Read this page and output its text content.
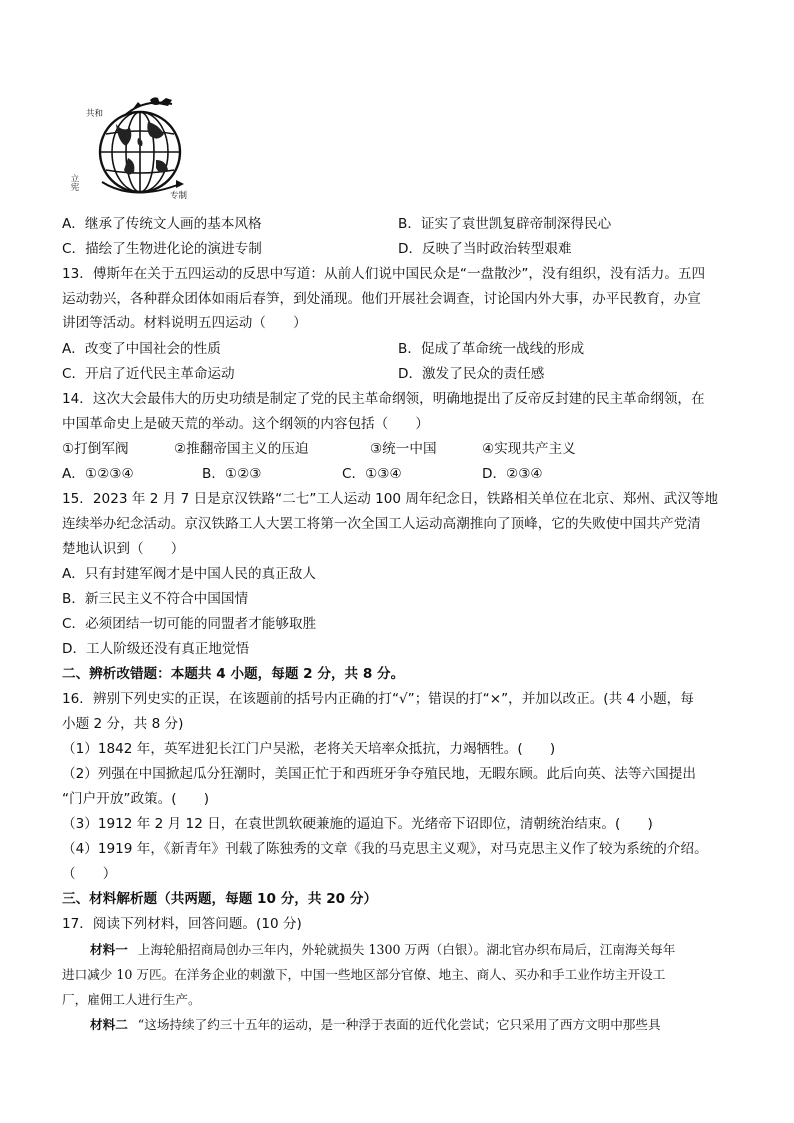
共和
立宪
专制
A．继承了传统文人画的基本风格	B．证实了袁世凯复辟帝制深得民心
C．描绘了生物进化论的演进专制	D．反映了当时政治转型艰难
13．傅斯年在关于五四运动的反思中写道：从前人们说中国民众是“一盘散沙”，没有组织，没有活力。五四
运动勃兴，各种群众团体如雨后春笋，到处涌现。他们开展社会调查，讨论国内外大事，办平民教育，办宣
讲团等活动。材料说明五四运动（　　）
A．改变了中国社会的性质	B．促成了革命统一战线的形成
C．开启了近代民主革命运动	D．激发了民众的责任感
14．这次大会最伟大的历史功绩是制定了党的民主革命纲领，明确地提出了反帝反封建的民主革命纲领，在
中国革命史上是破天荒的举动。这个纲领的内容包括（　　）
①打倒军阀	②推翻帝国主义的压迫	③统一中国	④实现共产主义
A．①②③④	B．①②③	C．①③④	D．②③④
15．2023 年 2 月 7 日是京汉铁路“二七”工人运动 100 周年纪念日，铁路相关单位在北京、郑州、武汉等地
连续举办纪念活动。京汉铁路工人大罢工将第一次全国工人运动高潮推向了顶峰，它的失败使中国共产党清
楚地认识到（　　）
A．只有封建军阀才是中国人民的真正敌人
B．新三民主义不符合中国国情
C．必须团结一切可能的同盟者才能够取胜
D．工人阶级还没有真正地觉悟
二、辨析改错题：本题共 4 小题，每题 2 分，共 8 分。
16．辨别下列史实的正误，在该题前的括号内正确的打“√”；错误的打“×”，并加以改正。(共 4 小题，每
小题 2 分，共 8 分)
（1）1842 年，英军进犯长江门户吴淞，老将关天培率众抵抗，力竭牺牲。(　　)
（2）列强在中国掀起瓜分狂潮时，美国正忙于和西班牙争夺殖民地，无暇东顾。此后向英、法等六国提出
“门户开放”政策。(　　)
（3）1912 年 2 月 12 日，在袁世凯软硬兼施的逼迫下。光绪帝下诏即位，清朝统治结束。(　　)
（4）1919 年，《新青年》刊载了陈独秀的文章《我的马克思主义观》，对马克思主义作了较为系统的介绍。
（　　）
三、材料解析题（共两题，每题 10 分，共 20 分）
17．阅读下列材料，回答问题。(10 分)
材料一 上海轮船招商局创办三年内，外轮就损失 1300 万两（白银）。湖北官办织布局后，江南海关每年
进口减少 10 万匹。在洋务企业的刺激下，中国一些地区部分官僚、地主、商人、买办和手工业作坊主开设工
厂，雇佣工人进行生产。
材料二 “这场持续了约三十五年的运动，是一种浮于表面的近代化尝试；它只采用了西方文明中那些具
